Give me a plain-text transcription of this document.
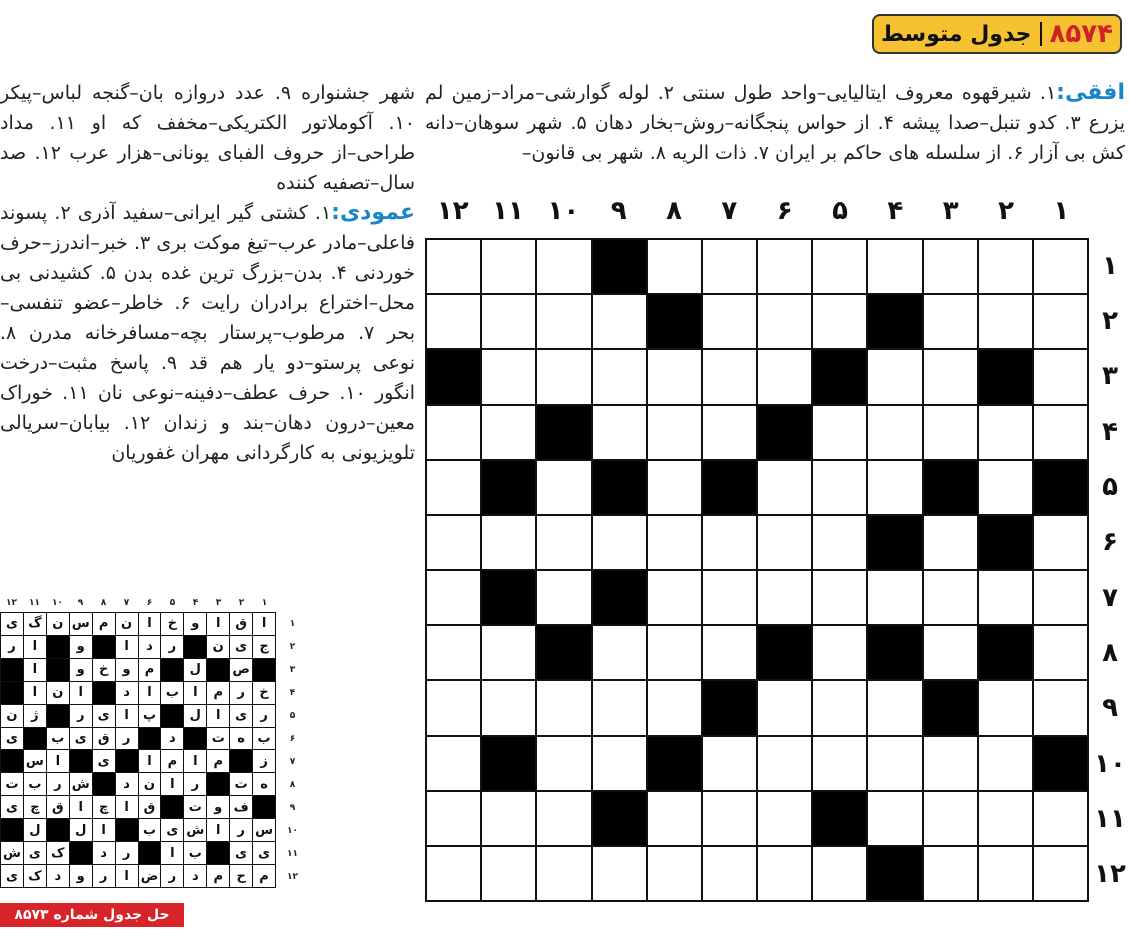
جدول متوسط ۸۵۷۴
افقی:۱. شیرقهوه معروف ایتالیایی–واحد طول سنتی ۲. لوله گوارشی–مراد–زمین لم یزرع ۳. کدو تنبل–صدا پیشه ۴. از حواس پنجگانه–روش–بخار دهان ۵. شهر سوهان–دانه کش بی آزار ۶. از سلسله های حاکم بر ایران ۷. ذات الریه ۸. شهر بی قانون–
شهر جشنواره ۹. عدد دروازه بان–گنجه لباس–پیکر ۱۰. آکوملاتور الکتریکی–مخفف که او ۱۱. مداد طراحی–از حروف الفبای یونانی–هزار عرب ۱۲. صد سال–تصفیه کننده
عمودی:۱. کشتی گیر ایرانی–سفید آذری ۲. پسوند فاعلی–مادر عرب–تیغ موکت بری ۳. خبر–اندرز–حرف خوردنی ۴. بدن–بزرگ ترین غده بدن ۵. کشیدنی بی محل–اختراع برادران رایت ۶. خاطر–عضو تنفسی–بحر ۷. مرطوب–پرستار بچه–مسافرخانه مدرن ۸. نوعی پرستو–دو یار هم قد ۹. پاسخ مثبت–درخت انگور ۱۰. حرف عطف–دفینه–نوعی نان ۱۱. خوراک معین–درون دهان–بند و زندان ۱۲. بیابان–سریالی تلویزیونی به کارگردانی مهران غفوریان
۱
۲
۳
۴
۵
۶
۷
۸
۹
۱۰
۱۱
۱۲
۱
۲
۳
۴
۵
۶
۷
۸
۹
۱۰
۱۱
۱۲
۱
۲
۳
۴
۵
۶
۷
۸
۹
۱۰
۱۱
۱۲
ا
ق
ا
و
خ
ا
ن
م
س
ن
گ
ی
ج
ی
ن
ر
د
ا
و
ا
ر
ص
ل
م
و
خ
و
ا
خ
ر
م
ا
ب
ا
د
ا
ن
ا
ر
ی
ا
ل
پ
ا
ی
ر
ژ
ن
ب
ه
ت
د
ر
ق
ی
ب
ی
ز
م
ا
م
ا
ی
ا
س
ه
ت
ر
ا
ن
د
ش
ر
ب
ت
ف
و
ت
ق
ا
چ
ا
ق
چ
ی
س
ر
ا
ش
ی
ب
ا
ل
ل
ی
ی
ب
ا
ر
د
ک
ی
ش
م
ح
م
د
ر
ض
ا
ر
و
د
ک
ی
۱
۲
۳
۴
۵
۶
۷
۸
۹
۱۰
۱۱
۱۲
حل جدول شماره ۸۵۷۳
